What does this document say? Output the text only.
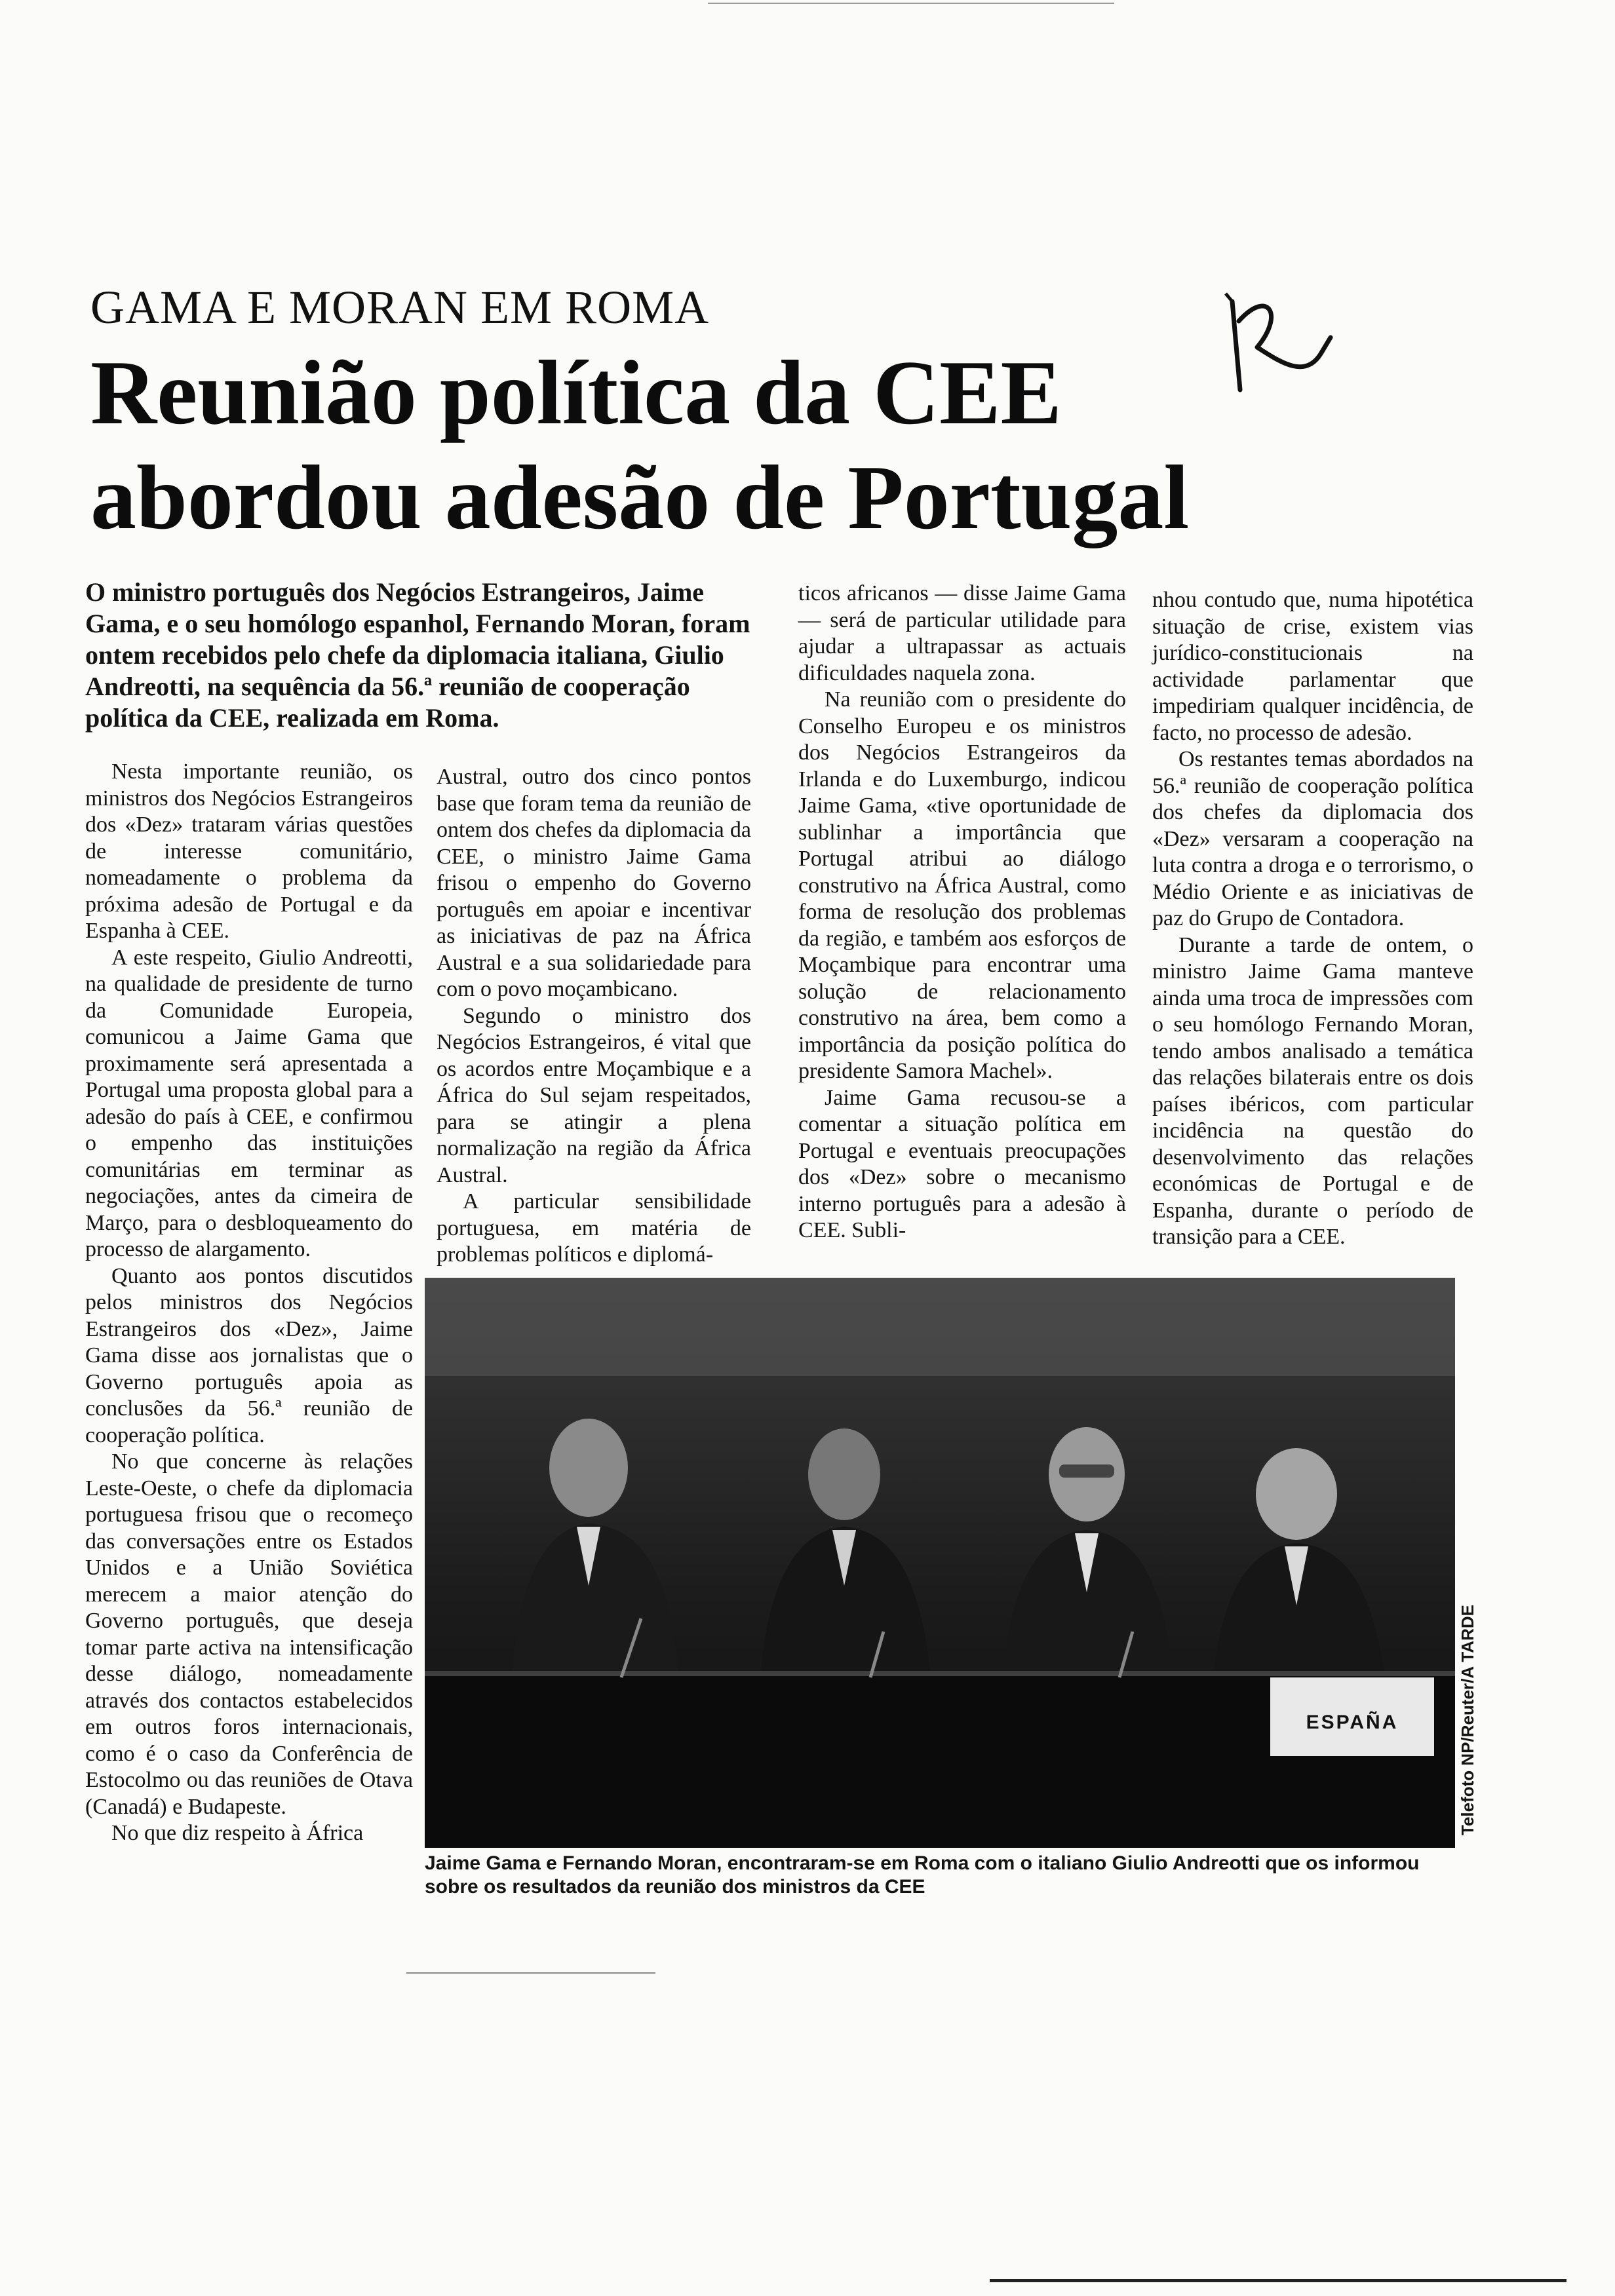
GAMA E MORAN EM ROMA
Reunião política da CEE abordou adesão de Portugal
O ministro português dos Negócios Estrangeiros, Jaime Gama, e o seu homólogo espanhol, Fernando Moran, foram ontem recebidos pelo chefe da diplomacia italiana, Giulio Andreotti, na sequência da 56.ª reunião de cooperação política da CEE, realizada em Roma.

Nesta importante reunião, os ministros dos Negócios Estrangeiros dos «Dez» trataram várias questões de interesse comunitário, nomeadamente o problema da próxima adesão de Portugal e da Espanha à CEE.

A este respeito, Giulio Andreotti, na qualidade de presidente de turno da Comunidade Europeia, comunicou a Jaime Gama que proximamente será apresentada a Portugal uma proposta global para a adesão do país à CEE, e confirmou o empenho das instituições comunitárias em terminar as negociações, antes da cimeira de Março, para o desbloqueamento do processo de alargamento.

Quanto aos pontos discutidos pelos ministros dos Negócios Estrangeiros dos «Dez», Jaime Gama disse aos jornalistas que o Governo português apoia as conclusões da 56.ª reunião de cooperação política.

No que concerne às relações Leste-Oeste, o chefe da diplomacia portuguesa frisou que o recomeço das conversações entre os Estados Unidos e a União Soviética merecem a maior atenção do Governo português, que deseja tomar parte activa na intensificação desse diálogo, nomeadamente através dos contactos estabelecidos em outros foros internacionais, como é o caso da Conferência de Estocolmo ou das reuniões de Otava (Canadá) e Budapeste.

No que diz respeito à África

Austral, outro dos cinco pontos base que foram tema da reunião de ontem dos chefes da diplomacia da CEE, o ministro Jaime Gama frisou o empenho do Governo português em apoiar e incentivar as iniciativas de paz na África Austral e a sua solidariedade para com o povo moçambicano.

Segundo o ministro dos Negócios Estrangeiros, é vital que os acordos entre Moçambique e a África do Sul sejam respeitados, para se atingir a plena normalização na região da África Austral.

A particular sensibilidade portuguesa, em matéria de problemas políticos e diplomá-

ticos africanos — disse Jaime Gama — será de particular utilidade para ajudar a ultrapassar as actuais dificuldades naquela zona.

Na reunião com o presidente do Conselho Europeu e os ministros dos Negócios Estrangeiros da Irlanda e do Luxemburgo, indicou Jaime Gama, «tive oportunidade de sublinhar a importância que Portugal atribui ao diálogo construtivo na África Austral, como forma de resolução dos problemas da região, e também aos esforços de Moçambique para encontrar uma solução de relacionamento construtivo na área, bem como a importância da posição política do presidente Samora Machel».

Jaime Gama recusou-se a comentar a situação política em Portugal e eventuais preocupações dos «Dez» sobre o mecanismo interno português para a adesão à CEE. Subli-

nhou contudo que, numa hipotética situação de crise, existem vias jurídico-constitucionais na actividade parlamentar que impediriam qualquer incidência, de facto, no processo de adesão.

Os restantes temas abordados na 56.ª reunião de cooperação política dos chefes da diplomacia dos «Dez» versaram a cooperação na luta contra a droga e o terrorismo, o Médio Oriente e as iniciativas de paz do Grupo de Contadora.

Durante a tarde de ontem, o ministro Jaime Gama manteve ainda uma troca de impressões com o seu homólogo Fernando Moran, tendo ambos analisado a temática das relações bilaterais entre os dois países ibéricos, com particular incidência na questão do desenvolvimento das relações económicas de Portugal e de Espanha, durante o período de transição para a CEE.

ESPAÑA	Telefoto NP/Reuter/A TARDE
Jaime Gama e Fernando Moran, encontraram-se em Roma com o italiano Giulio Andreotti que os informou sobre os resultados da reunião dos ministros da CEE
